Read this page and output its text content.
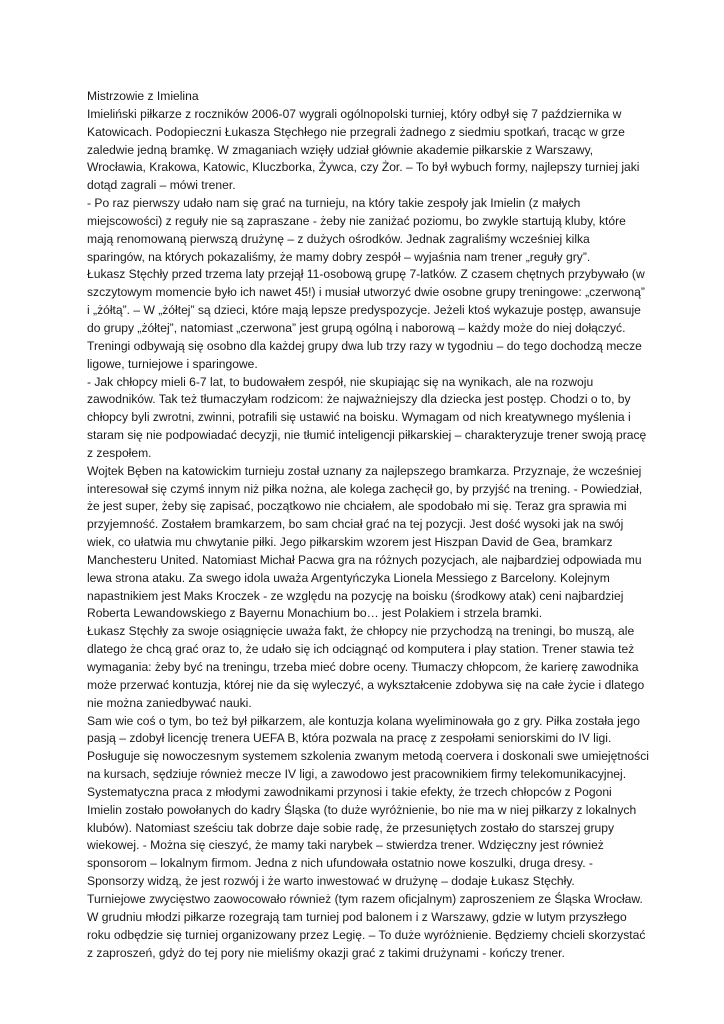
Mistrzowie z Imielina

Imieliński piłkarze z roczników 2006-07 wygrali ogólnopolski turniej, który odbył się 7 października w Katowicach. Podopieczni Łukasza Stęchłego nie przegrali żadnego z siedmiu spotkań, tracąc w grze zaledwie jedną bramkę. W zmaganiach wzięły udział głównie akademie piłkarskie z Warszawy, Wrocławia, Krakowa, Katowic, Kluczborka, Żywca, czy Żor. – To był wybuch formy, najlepszy turniej jaki dotąd zagrali – mówi trener.

- Po raz pierwszy udało nam się grać na turnieju, na który takie zespoły jak Imielin (z małych miejscowości) z reguły nie są zapraszane - żeby nie zaniżać poziomu, bo zwykle startują kluby, które mają renomowaną pierwszą drużynę – z dużych ośrodków. Jednak zagraliśmy wcześniej kilka sparingów, na których pokazaliśmy, że mamy dobry zespół – wyjaśnia nam trener „reguły gry”.

Łukasz Stęchły przed trzema laty przejął 11-osobową grupę 7-latków. Z czasem chętnych przybywało (w szczytowym momencie było ich nawet 45!) i musiał utworzyć dwie osobne grupy treningowe: „czerwoną” i „żółtą”. – W „żółtej” są dzieci, które mają lepsze predyspozycje. Jeżeli ktoś wykazuje postęp, awansuje do grupy „żółtej”, natomiast „czerwona” jest grupą ogólną i naborową – każdy może do niej dołączyć. Treningi odbywają się osobno dla każdej grupy dwa lub trzy razy w tygodniu – do tego dochodzą mecze ligowe, turniejowe i sparingowe.

- Jak chłopcy mieli 6-7 lat, to budowałem zespół, nie skupiając się na wynikach, ale na rozwoju zawodników. Tak też tłumaczyłam rodzicom: że najważniejszy dla dziecka jest postęp. Chodzi o to, by chłopcy byli zwrotni, zwinni, potrafili się ustawić na boisku. Wymagam od nich kreatywnego myślenia i staram się nie podpowiadać decyzji, nie tłumić inteligencji piłkarskiej – charakteryzuje trener swoją pracę z zespołem.

Wojtek Bęben na katowickim turnieju został uznany za najlepszego bramkarza. Przyznaje, że wcześniej interesował się czymś innym niż piłka nożna, ale kolega zachęcił go, by przyjść na trening. - Powiedział, że jest super, żeby się zapisać, początkowo nie chciałem, ale spodobało mi się. Teraz gra sprawia mi przyjemność. Zostałem bramkarzem, bo sam chciał grać na tej pozycji. Jest dość wysoki jak na swój wiek, co ułatwia mu chwytanie piłki. Jego piłkarskim wzorem jest Hiszpan David de Gea, bramkarz Manchesteru United. Natomiast Michał Pacwa gra na różnych pozycjach, ale najbardziej odpowiada mu lewa strona ataku. Za swego idola uważa Argentyńczyka Lionela Messiego z Barcelony. Kolejnym napastnikiem jest Maks Kroczek - ze względu na pozycję na boisku (środkowy atak) ceni najbardziej Roberta Lewandowskiego z Bayernu Monachium bo… jest Polakiem i strzela bramki.

Łukasz Stęchły za swoje osiągnięcie uważa fakt, że chłopcy nie przychodzą na treningi, bo muszą, ale dlatego że chcą grać oraz to, że udało się ich odciągnąć od komputera i play station. Trener stawia też wymagania: żeby być na treningu, trzeba mieć dobre oceny. Tłumaczy chłopcom, że karierę zawodnika może przerwać kontuzja, której nie da się wyleczyć, a wykształcenie zdobywa się na całe życie i dlatego nie można zaniedbywać nauki.

Sam wie coś o tym, bo też był piłkarzem, ale kontuzja kolana wyeliminowała go z gry. Piłka została jego pasją – zdobył licencję trenera UEFA B, która pozwala na pracę z zespołami seniorskimi do IV ligi. Posługuje się nowoczesnym systemem szkolenia zwanym metodą coervera i doskonali swe umiejętności na kursach, sędziuje również mecze IV ligi, a zawodowo jest pracownikiem firmy telekomunikacyjnej.

Systematyczna praca z młodymi zawodnikami przynosi i takie efekty, że trzech chłopców z Pogoni Imielin zostało powołanych do kadry Śląska (to duże wyróżnienie, bo nie ma w niej piłkarzy z lokalnych klubów). Natomiast sześciu tak dobrze daje sobie radę, że przesuniętych zostało do starszej grupy wiekowej. - Można się cieszyć, że mamy taki narybek – stwierdza trener. Wdzięczny jest również sponsorom – lokalnym firmom. Jedna z nich ufundowała ostatnio nowe koszulki, druga dresy. - Sponsorzy widzą, że jest rozwój i że warto inwestować w drużynę – dodaje Łukasz Stęchły.

Turniejowe zwycięstwo zaowocowało również (tym razem oficjalnym) zaproszeniem ze Śląska Wrocław. W grudniu młodzi piłkarze rozegrają tam turniej pod balonem i z Warszawy, gdzie w lutym przyszłego roku odbędzie się turniej organizowany przez Legię. – To duże wyróżnienie. Będziemy chcieli skorzystać z zaproszeń, gdyż do tej pory nie mieliśmy okazji grać z takimi drużynami - kończy trener.
